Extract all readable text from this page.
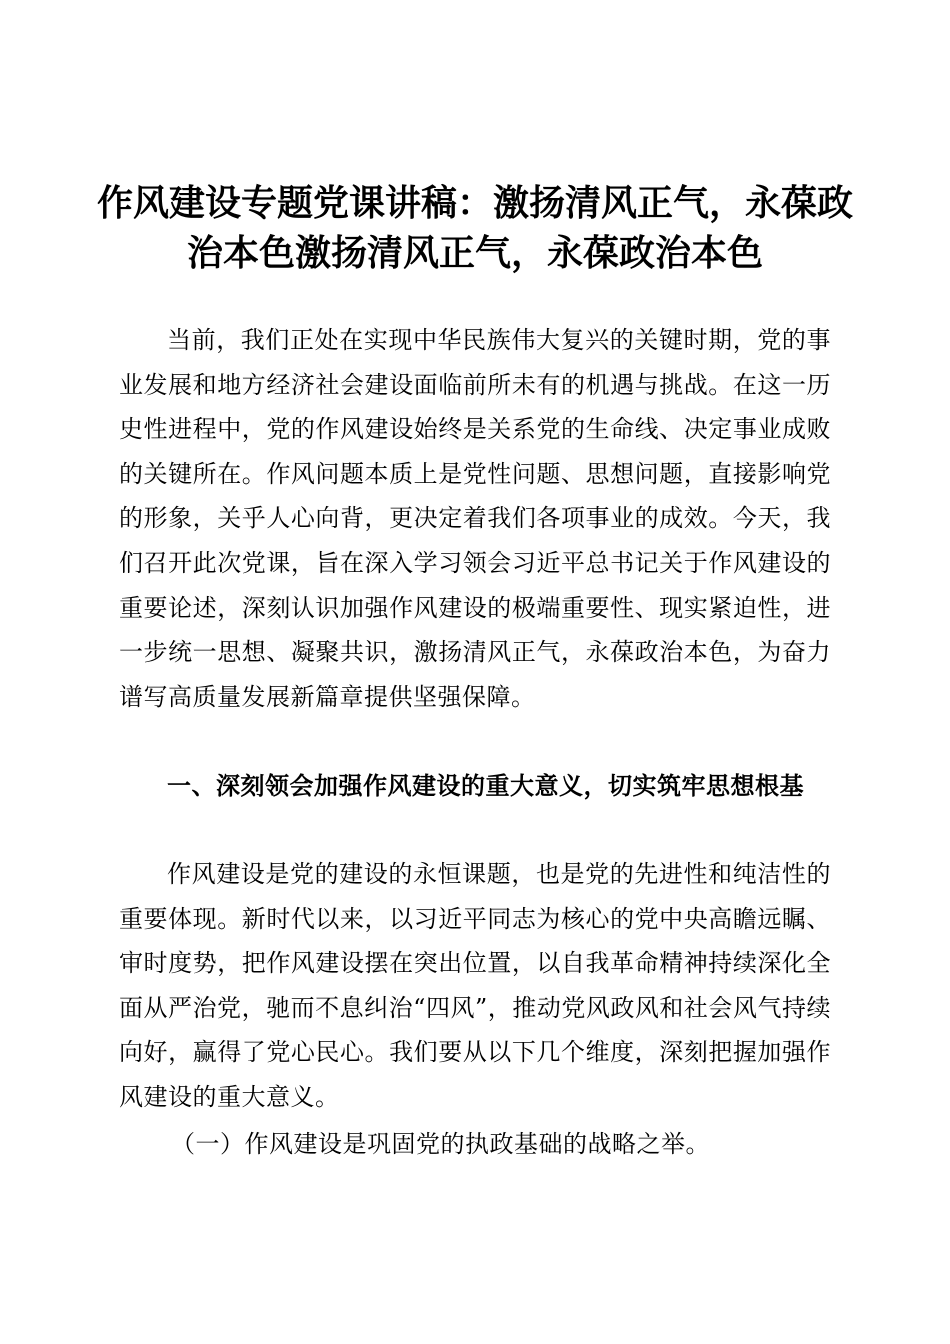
作风建设专题党课讲稿：激扬清风正气，永葆政治本色激扬清风正气，永葆政治本色

当前，我们正处在实现中华民族伟大复兴的关键时期，党的事业发展和地方经济社会建设面临前所未有的机遇与挑战。在这一历史性进程中，党的作风建设始终是关系党的生命线、决定事业成败的关键所在。作风问题本质上是党性问题、思想问题，直接影响党的形象，关乎人心向背，更决定着我们各项事业的成效。今天，我们召开此次党课，旨在深入学习领会习近平总书记关于作风建设的重要论述，深刻认识加强作风建设的极端重要性、现实紧迫性，进一步统一思想、凝聚共识，激扬清风正气，永葆政治本色，为奋力谱写高质量发展新篇章提供坚强保障。

一、深刻领会加强作风建设的重大意义，切实筑牢思想根基

作风建设是党的建设的永恒课题，也是党的先进性和纯洁性的重要体现。新时代以来，以习近平同志为核心的党中央高瞻远瞩、审时度势，把作风建设摆在突出位置，以自我革命精神持续深化全面从严治党，驰而不息纠治“四风”，推动党风政风和社会风气持续向好，赢得了党心民心。我们要从以下几个维度，深刻把握加强作风建设的重大意义。

（一）作风建设是巩固党的执政基础的战略之举。
